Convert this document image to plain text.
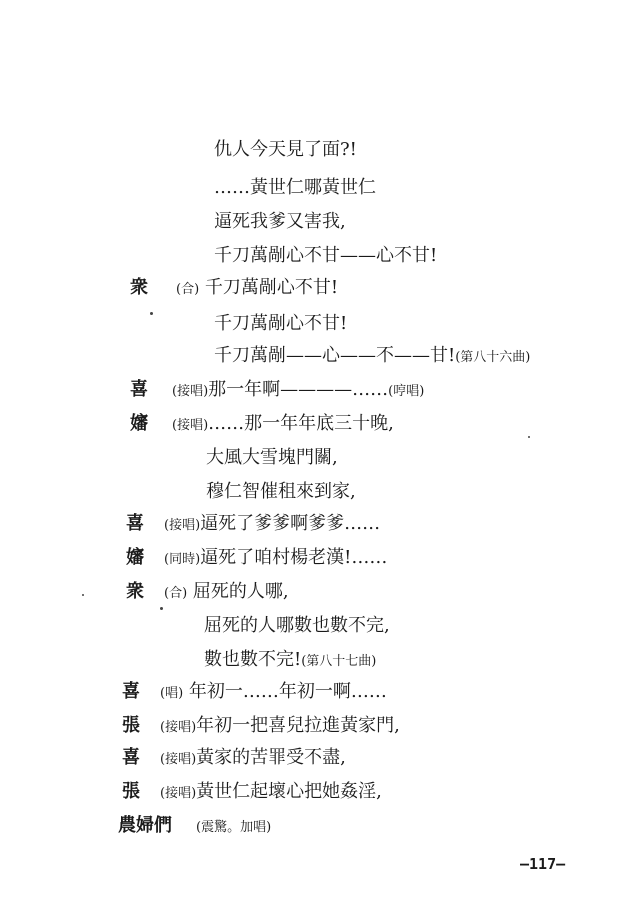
仇人今天見了面?!
……黃世仁哪黃世仁
逼死我爹又害我,
千刀萬剮心不甘——心不甘!
衆 (合) 千刀萬剮心不甘!
千刀萬剮心不甘!
千刀萬剮——心——不——甘!(第八十六曲)
喜 (接唱)那一年啊————……(哼唱)
嬸 (接唱)……那一年年底三十晚,
大風大雪塊門關,
穆仁智催租來到家,
喜 (接唱)逼死了爹爹啊爹爹……
嬸 (同時)逼死了咱村楊老漢!……
衆 (合) 屈死的人哪,
屈死的人哪數也數不完,
數也數不完!(第八十七曲)
喜 (唱) 年初一……年初一啊……
張 (接唱)年初一把喜兒拉進黃家門,
喜 (接唱)黃家的苦罪受不盡,
張 (接唱)黃世仁起壞心把她姦淫,
農婦們 (震驚。加唱)
—117—
